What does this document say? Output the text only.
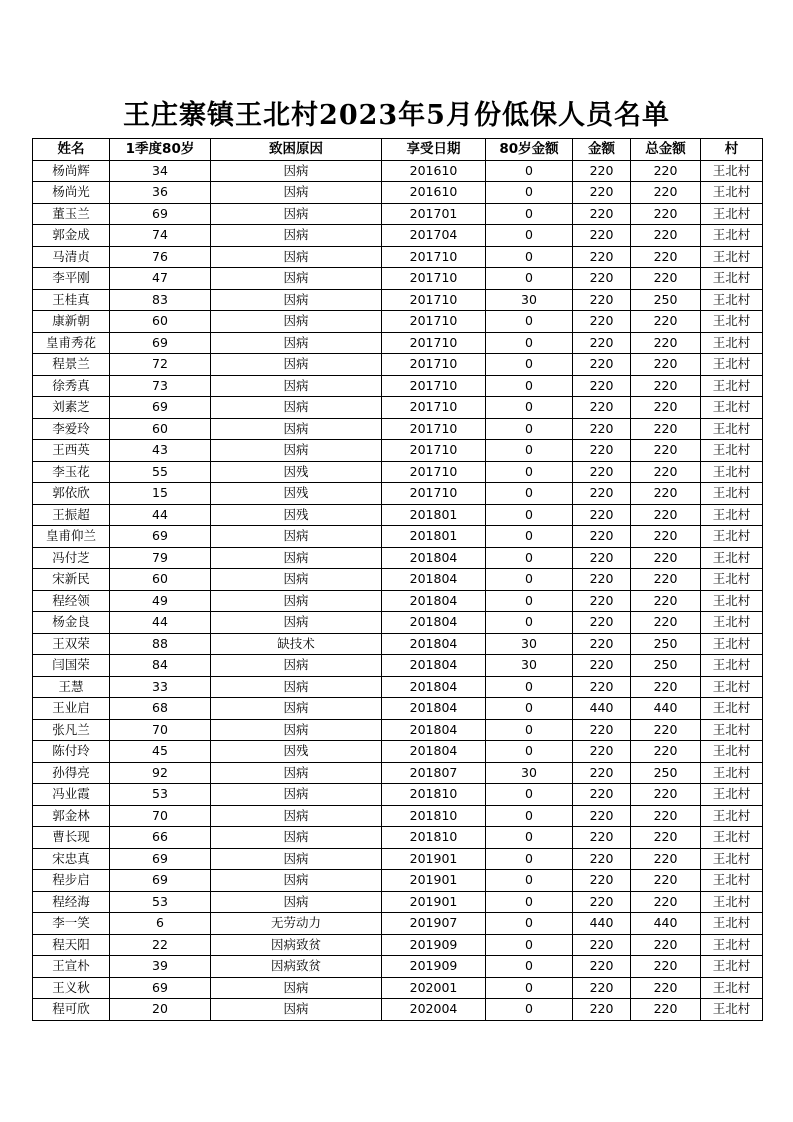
王庄寨镇王北村2023年5月份低保人员名单
姓名	1季度80岁	致困原因	享受日期	80岁金额	金额	总金额	村
杨尚辉	34	因病	201610	0	220	220	王北村
杨尚光	36	因病	201610	0	220	220	王北村
董玉兰	69	因病	201701	0	220	220	王北村
郭金成	74	因病	201704	0	220	220	王北村
马清贞	76	因病	201710	0	220	220	王北村
李平刚	47	因病	201710	0	220	220	王北村
王桂真	83	因病	201710	30	220	250	王北村
康新朝	60	因病	201710	0	220	220	王北村
皇甫秀花	69	因病	201710	0	220	220	王北村
程景兰	72	因病	201710	0	220	220	王北村
徐秀真	73	因病	201710	0	220	220	王北村
刘素芝	69	因病	201710	0	220	220	王北村
李爱玲	60	因病	201710	0	220	220	王北村
王西英	43	因病	201710	0	220	220	王北村
李玉花	55	因残	201710	0	220	220	王北村
郭依欣	15	因残	201710	0	220	220	王北村
王振超	44	因残	201801	0	220	220	王北村
皇甫仰兰	69	因病	201801	0	220	220	王北村
冯付芝	79	因病	201804	0	220	220	王北村
宋新民	60	因病	201804	0	220	220	王北村
程经领	49	因病	201804	0	220	220	王北村
杨金良	44	因病	201804	0	220	220	王北村
王双荣	88	缺技术	201804	30	220	250	王北村
闫国荣	84	因病	201804	30	220	250	王北村
王慧	33	因病	201804	0	220	220	王北村
王业启	68	因病	201804	0	440	440	王北村
张凡兰	70	因病	201804	0	220	220	王北村
陈付玲	45	因残	201804	0	220	220	王北村
孙得亮	92	因病	201807	30	220	250	王北村
冯业霞	53	因病	201810	0	220	220	王北村
郭金林	70	因病	201810	0	220	220	王北村
曹长现	66	因病	201810	0	220	220	王北村
宋忠真	69	因病	201901	0	220	220	王北村
程步启	69	因病	201901	0	220	220	王北村
程经海	53	因病	201901	0	220	220	王北村
李一笑	6	无劳动力	201907	0	440	440	王北村
程天阳	22	因病致贫	201909	0	220	220	王北村
王宣朴	39	因病致贫	201909	0	220	220	王北村
王义秋	69	因病	202001	0	220	220	王北村
程可欣	20	因病	202004	0	220	220	王北村
